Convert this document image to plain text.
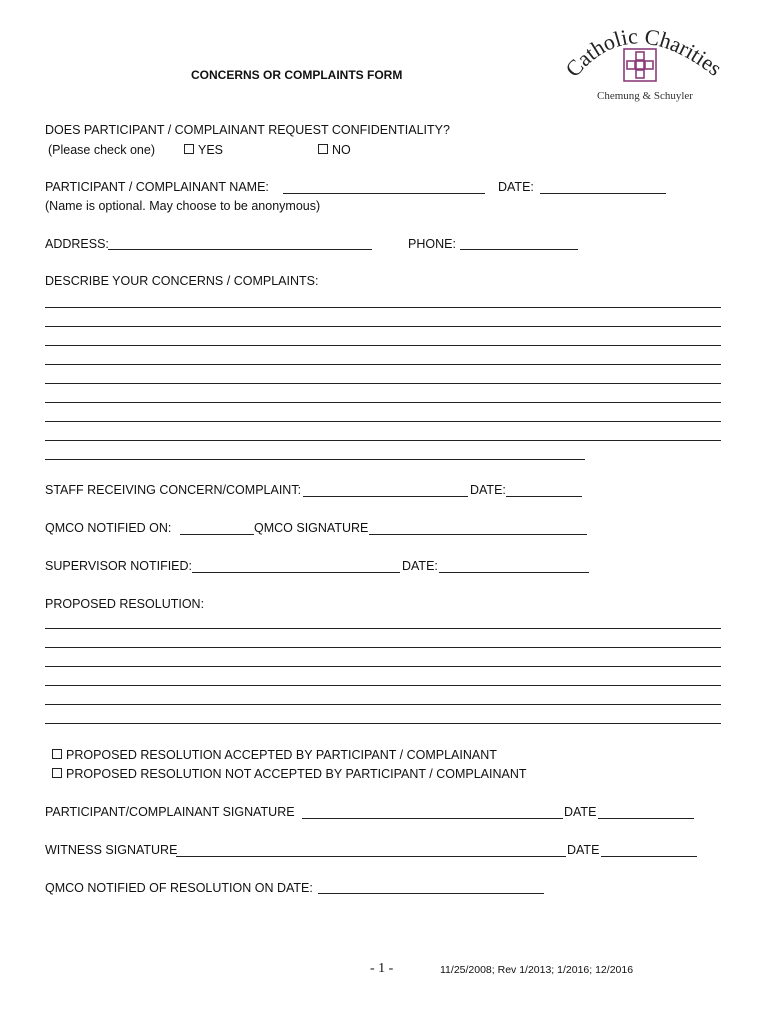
CONCERNS OR COMPLAINTS FORM	Catholic Charities
Chemung & Schuyler
DOES PARTICIPANT / COMPLAINANT REQUEST CONFIDENTIALITY?
(Please check one)	YES	NO
PARTICIPANT / COMPLAINANT NAME:	DATE:
(Name is optional. May choose to be anonymous)
ADDRESS:	PHONE:
DESCRIBE YOUR CONCERNS / COMPLAINTS:
STAFF RECEIVING CONCERN/COMPLAINT:	DATE:
QMCO NOTIFIED ON:	QMCO SIGNATURE
SUPERVISOR NOTIFIED:	DATE:
PROPOSED RESOLUTION:
PROPOSED RESOLUTION ACCEPTED BY PARTICIPANT / COMPLAINANT
PROPOSED RESOLUTION NOT ACCEPTED BY PARTICIPANT / COMPLAINANT
PARTICIPANT/COMPLAINANT SIGNATURE	DATE
WITNESS SIGNATURE	DATE
QMCO NOTIFIED OF RESOLUTION ON DATE:
- 1 -	11/25/2008; Rev 1/2013; 1/2016; 12/2016
